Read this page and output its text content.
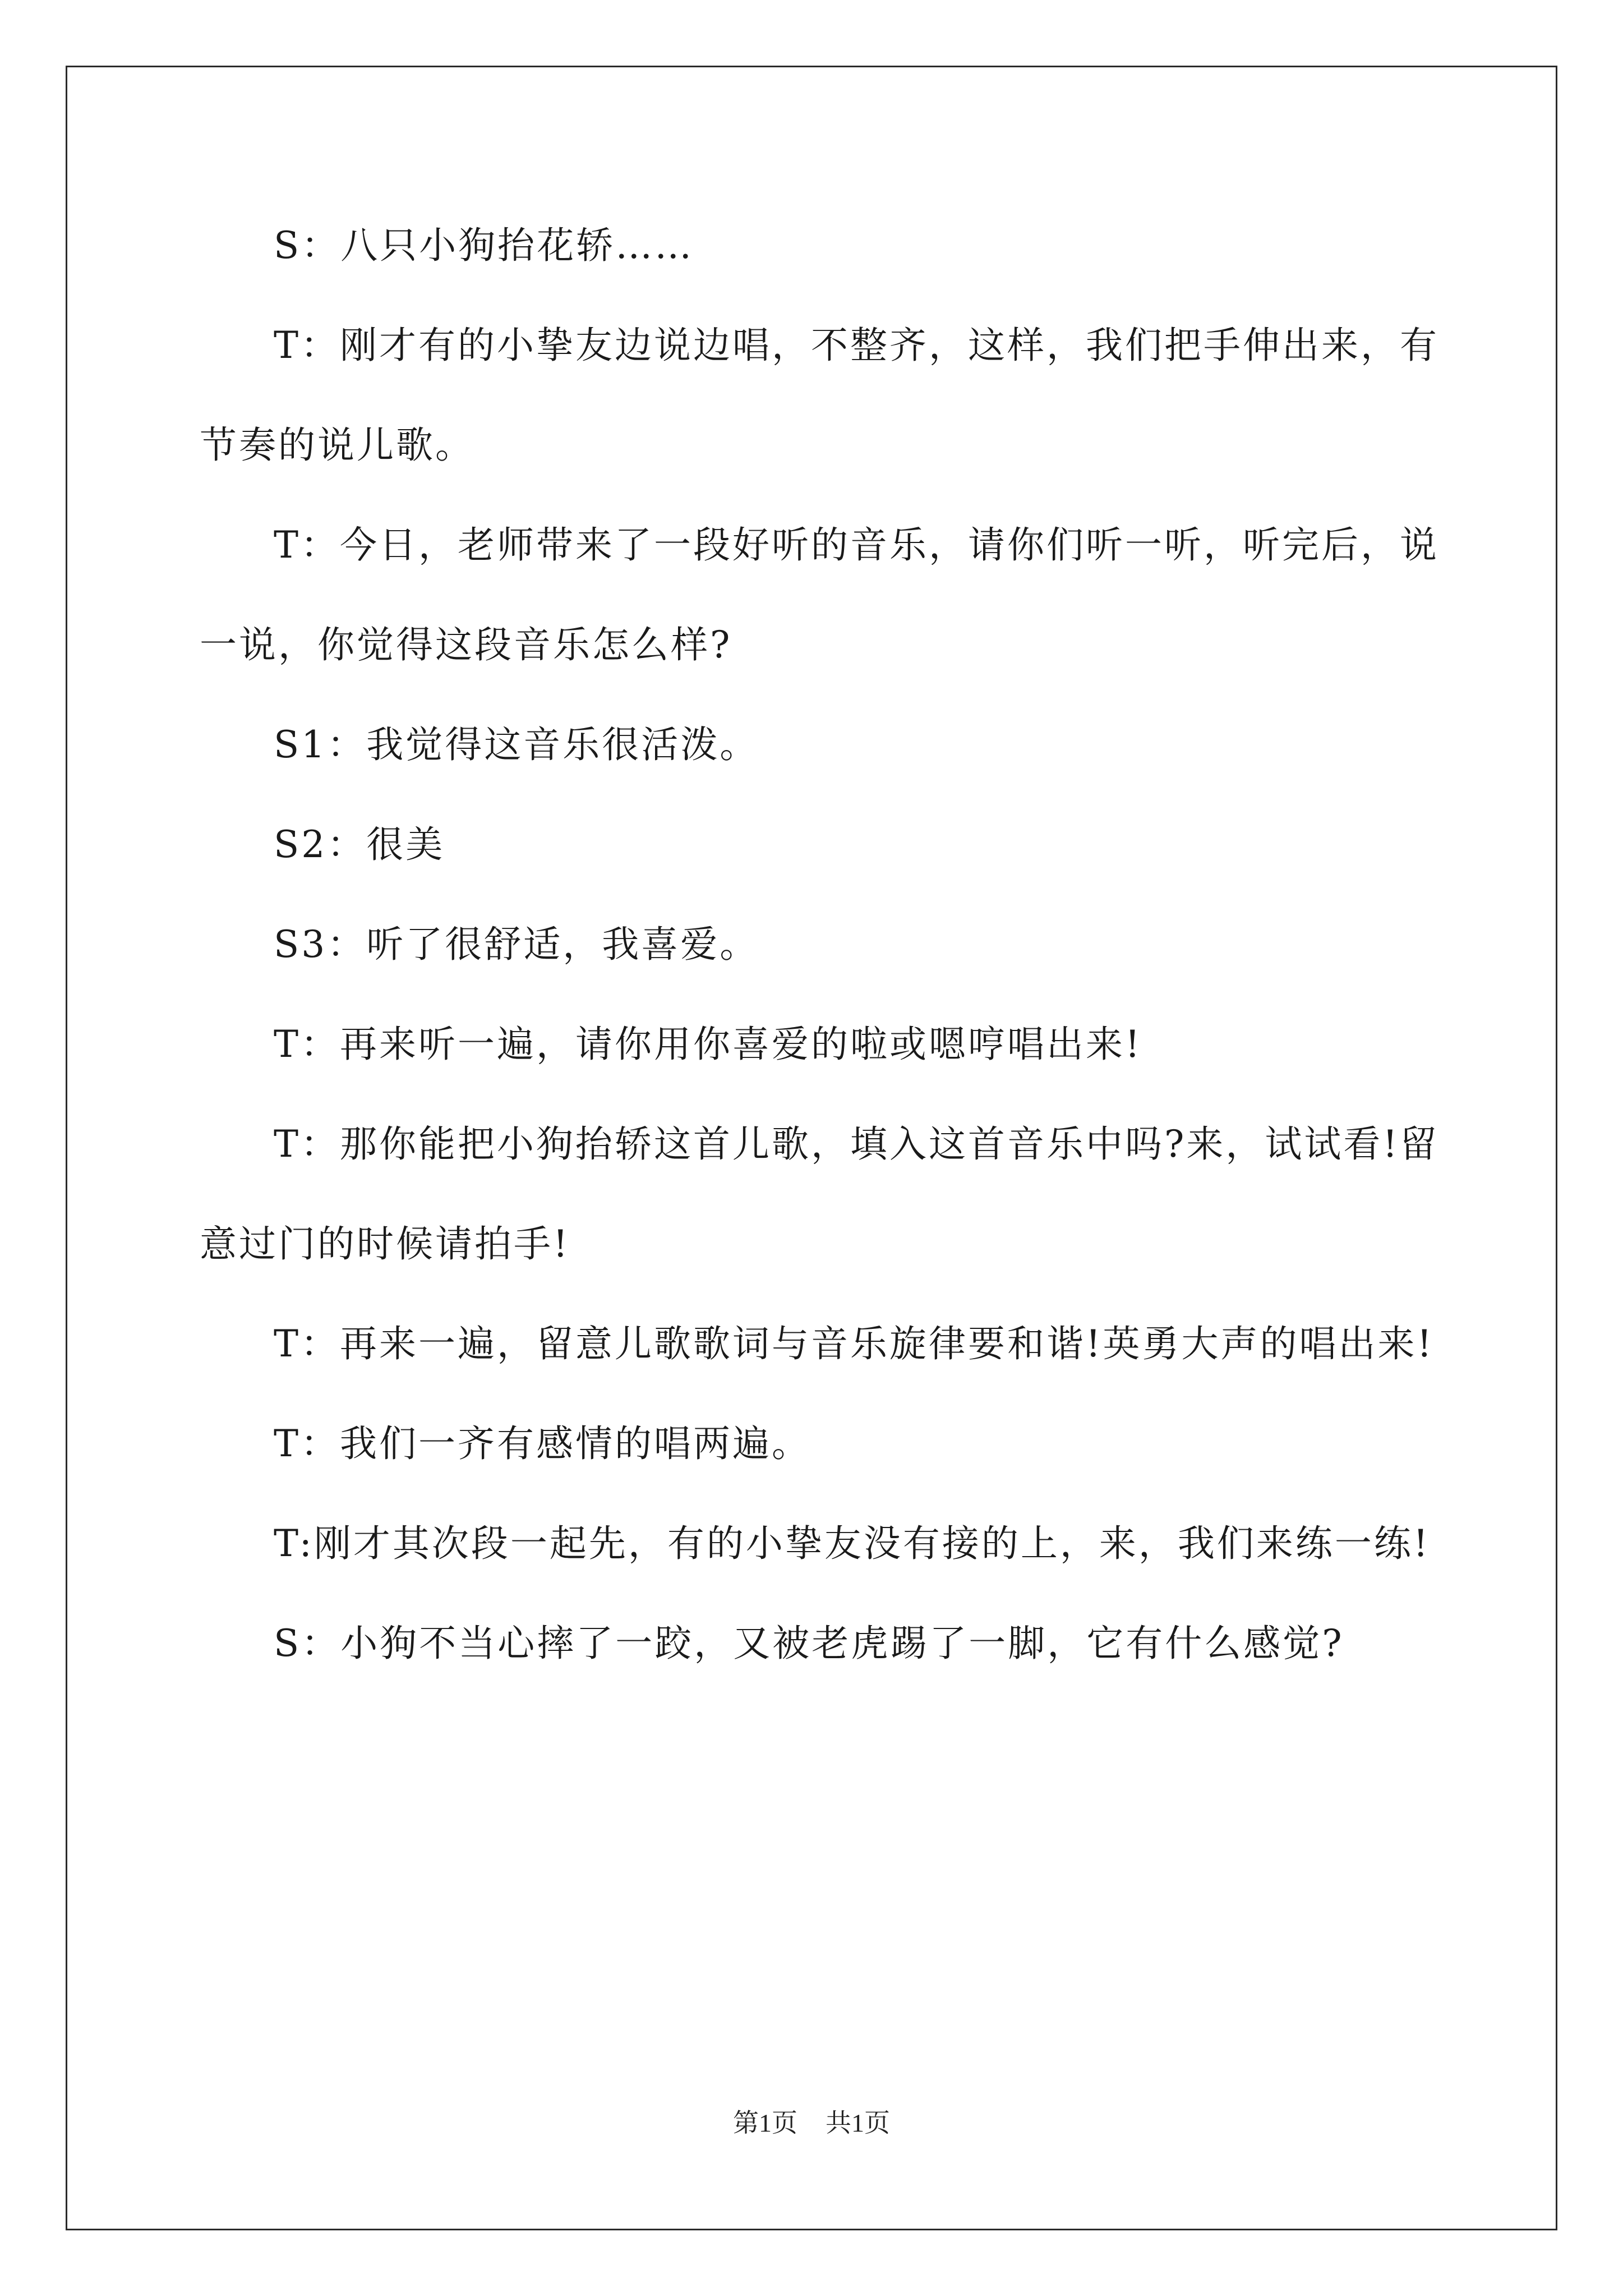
S：八只小狗抬花轿……

T：刚才有的小挚友边说边唱，不整齐，这样，我们把手伸出来，有节奏的说儿歌。

T：今日，老师带来了一段好听的音乐，请你们听一听，听完后，说一说，你觉得这段音乐怎么样?

S1：我觉得这音乐很活泼。

S2：很美

S3：听了很舒适，我喜爱。

T：再来听一遍，请你用你喜爱的啦或嗯哼唱出来!

T：那你能把小狗抬轿这首儿歌，填入这首音乐中吗?来，试试看!留意过门的时候请拍手!

T：再来一遍，留意儿歌歌词与音乐旋律要和谐!英勇大声的唱出来!

T：我们一齐有感情的唱两遍。

T:刚才其次段一起先，有的小挚友没有接的上，来，我们来练一练!

S：小狗不当心摔了一跤，又被老虎踢了一脚，它有什么感觉?

第1页 共1页
